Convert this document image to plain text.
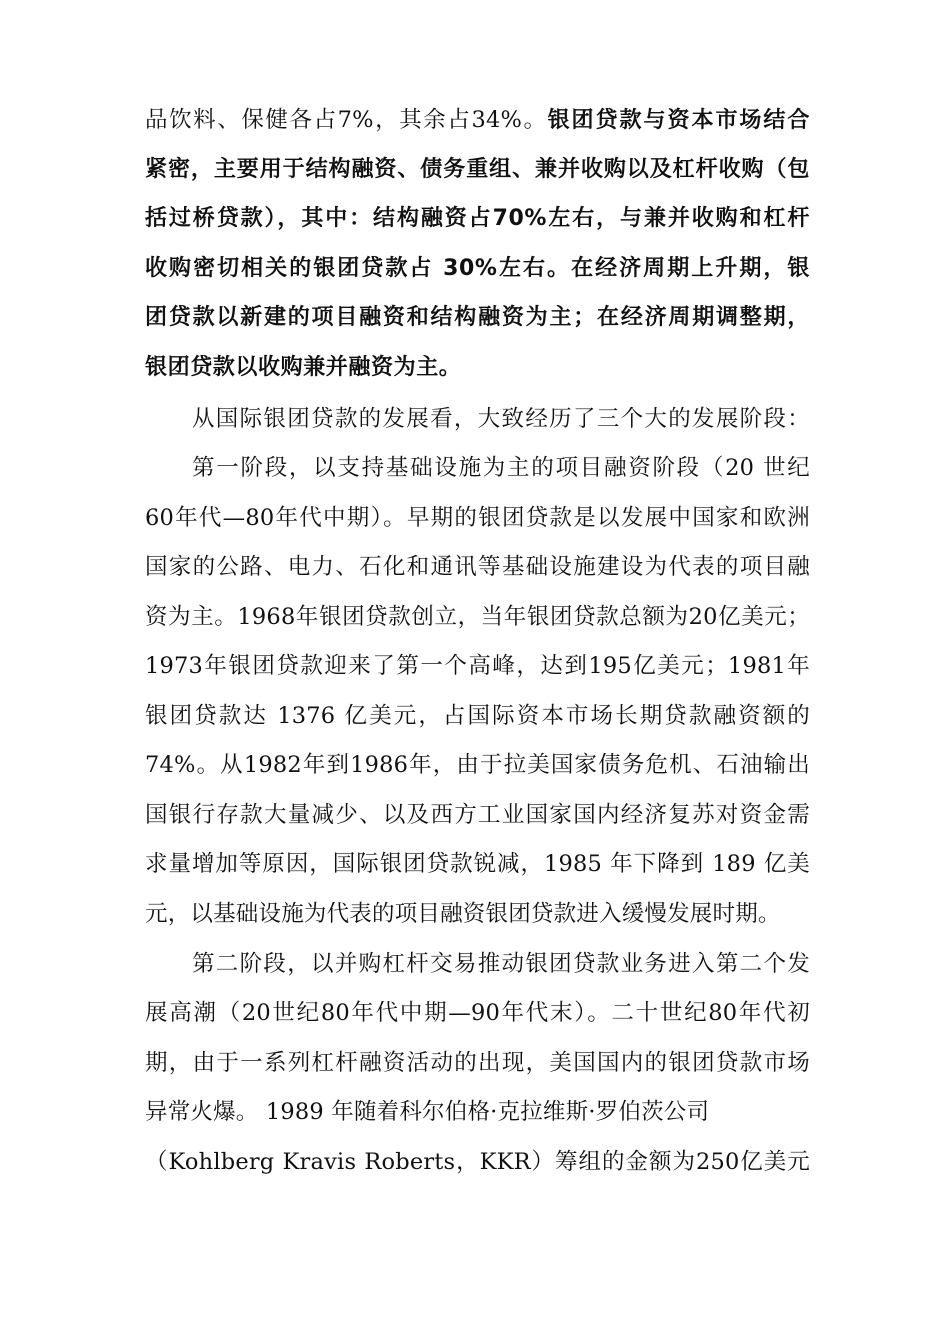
品饮料、保健各占7%，其余占34%。银团贷款与资本市场结合
紧密，主要用于结构融资、债务重组、兼并收购以及杠杆收购（包
括过桥贷款），其中：结构融资占70%左右，与兼并收购和杠杆
收购密切相关的银团贷款占 30%左右。在经济周期上升期，银
团贷款以新建的项目融资和结构融资为主；在经济周期调整期，
银团贷款以收购兼并融资为主。
从国际银团贷款的发展看，大致经历了三个大的发展阶段：
第一阶段，以支持基础设施为主的项目融资阶段（20 世纪
60年代—80年代中期）。早期的银团贷款是以发展中国家和欧洲
国家的公路、电力、石化和通讯等基础设施建设为代表的项目融
资为主。1968年银团贷款创立，当年银团贷款总额为20亿美元；
1973年银团贷款迎来了第一个高峰，达到195亿美元；1981年
银团贷款达 1376 亿美元，占国际资本市场长期贷款融资额的
74%。从1982年到1986年，由于拉美国家债务危机、石油输出
国银行存款大量减少、以及西方工业国家国内经济复苏对资金需
求量增加等原因，国际银团贷款锐减，1985 年下降到 189 亿美
元，以基础设施为代表的项目融资银团贷款进入缓慢发展时期。
第二阶段，以并购杠杆交易推动银团贷款业务进入第二个发
展高潮（20世纪80年代中期—90年代末）。二十世纪80年代初
期，由于一系列杠杆融资活动的出现，美国国内的银团贷款市场
异常火爆。 1989 年随着科尔伯格·克拉维斯·罗伯茨公司
（Kohlberg Kravis Roberts，KKR）筹组的金额为250亿美元
